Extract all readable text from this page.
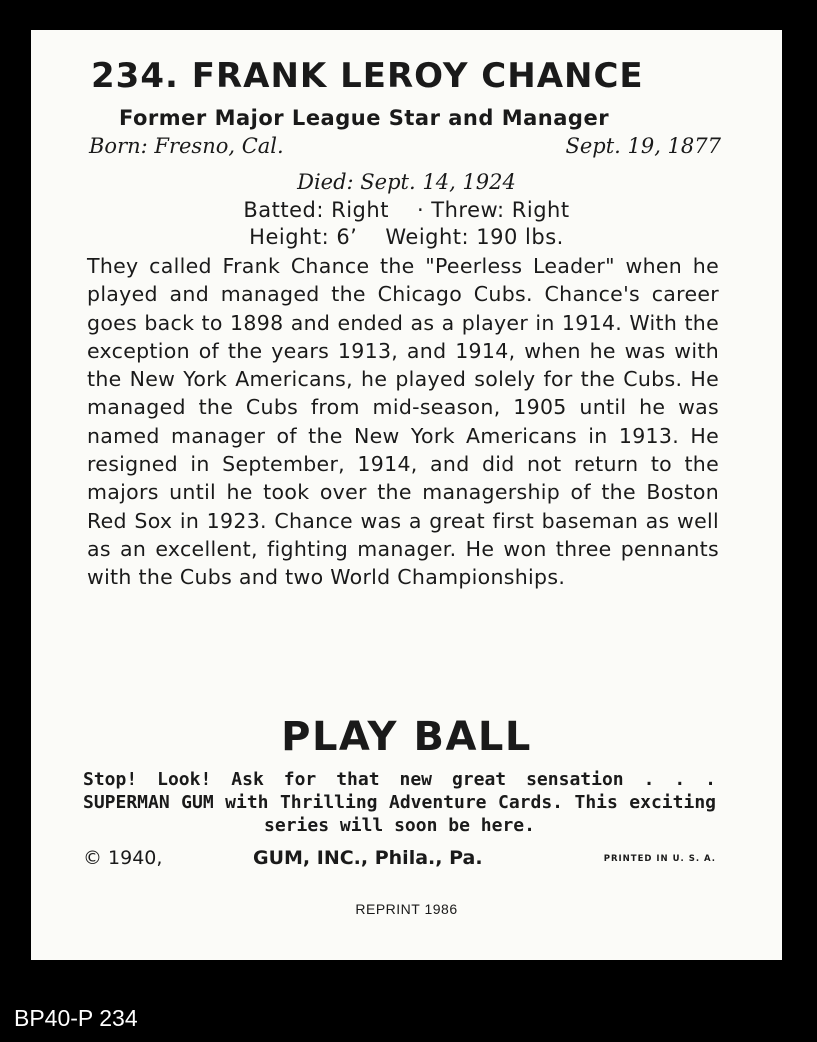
234. FRANK LEROY CHANCE
Former Major League Star and Manager
Born: Fresno, Cal.	Sept. 19, 1877
Died: Sept. 14, 1924
Batted: Right · Threw: Right
Height: 6’ Weight: 190 lbs.
They called Frank Chance the "Peerless Leader" when he played and managed the Chicago Cubs. Chance's career goes back to 1898 and ended as a player in 1914. With the exception of the years 1913, and 1914, when he was with the New York Americans, he played solely for the Cubs. He managed the Cubs from mid-season, 1905 until he was named manager of the New York Americans in 1913. He resigned in September, 1914, and did not return to the majors until he took over the managership of the Boston Red Sox in 1923. Chance was a great first baseman as well as an excellent, fighting manager. He won three pennants with the Cubs and two World Championships.
PLAY BALL
Stop! Look! Ask for that new great sensation . . . SUPERMAN GUM with Thrilling Adventure Cards. This exciting series will soon be here.
© 1940,	GUM, INC., Phila., Pa.	PRINTED IN U. S. A.
REPRINT 1986
BP40-P 234
